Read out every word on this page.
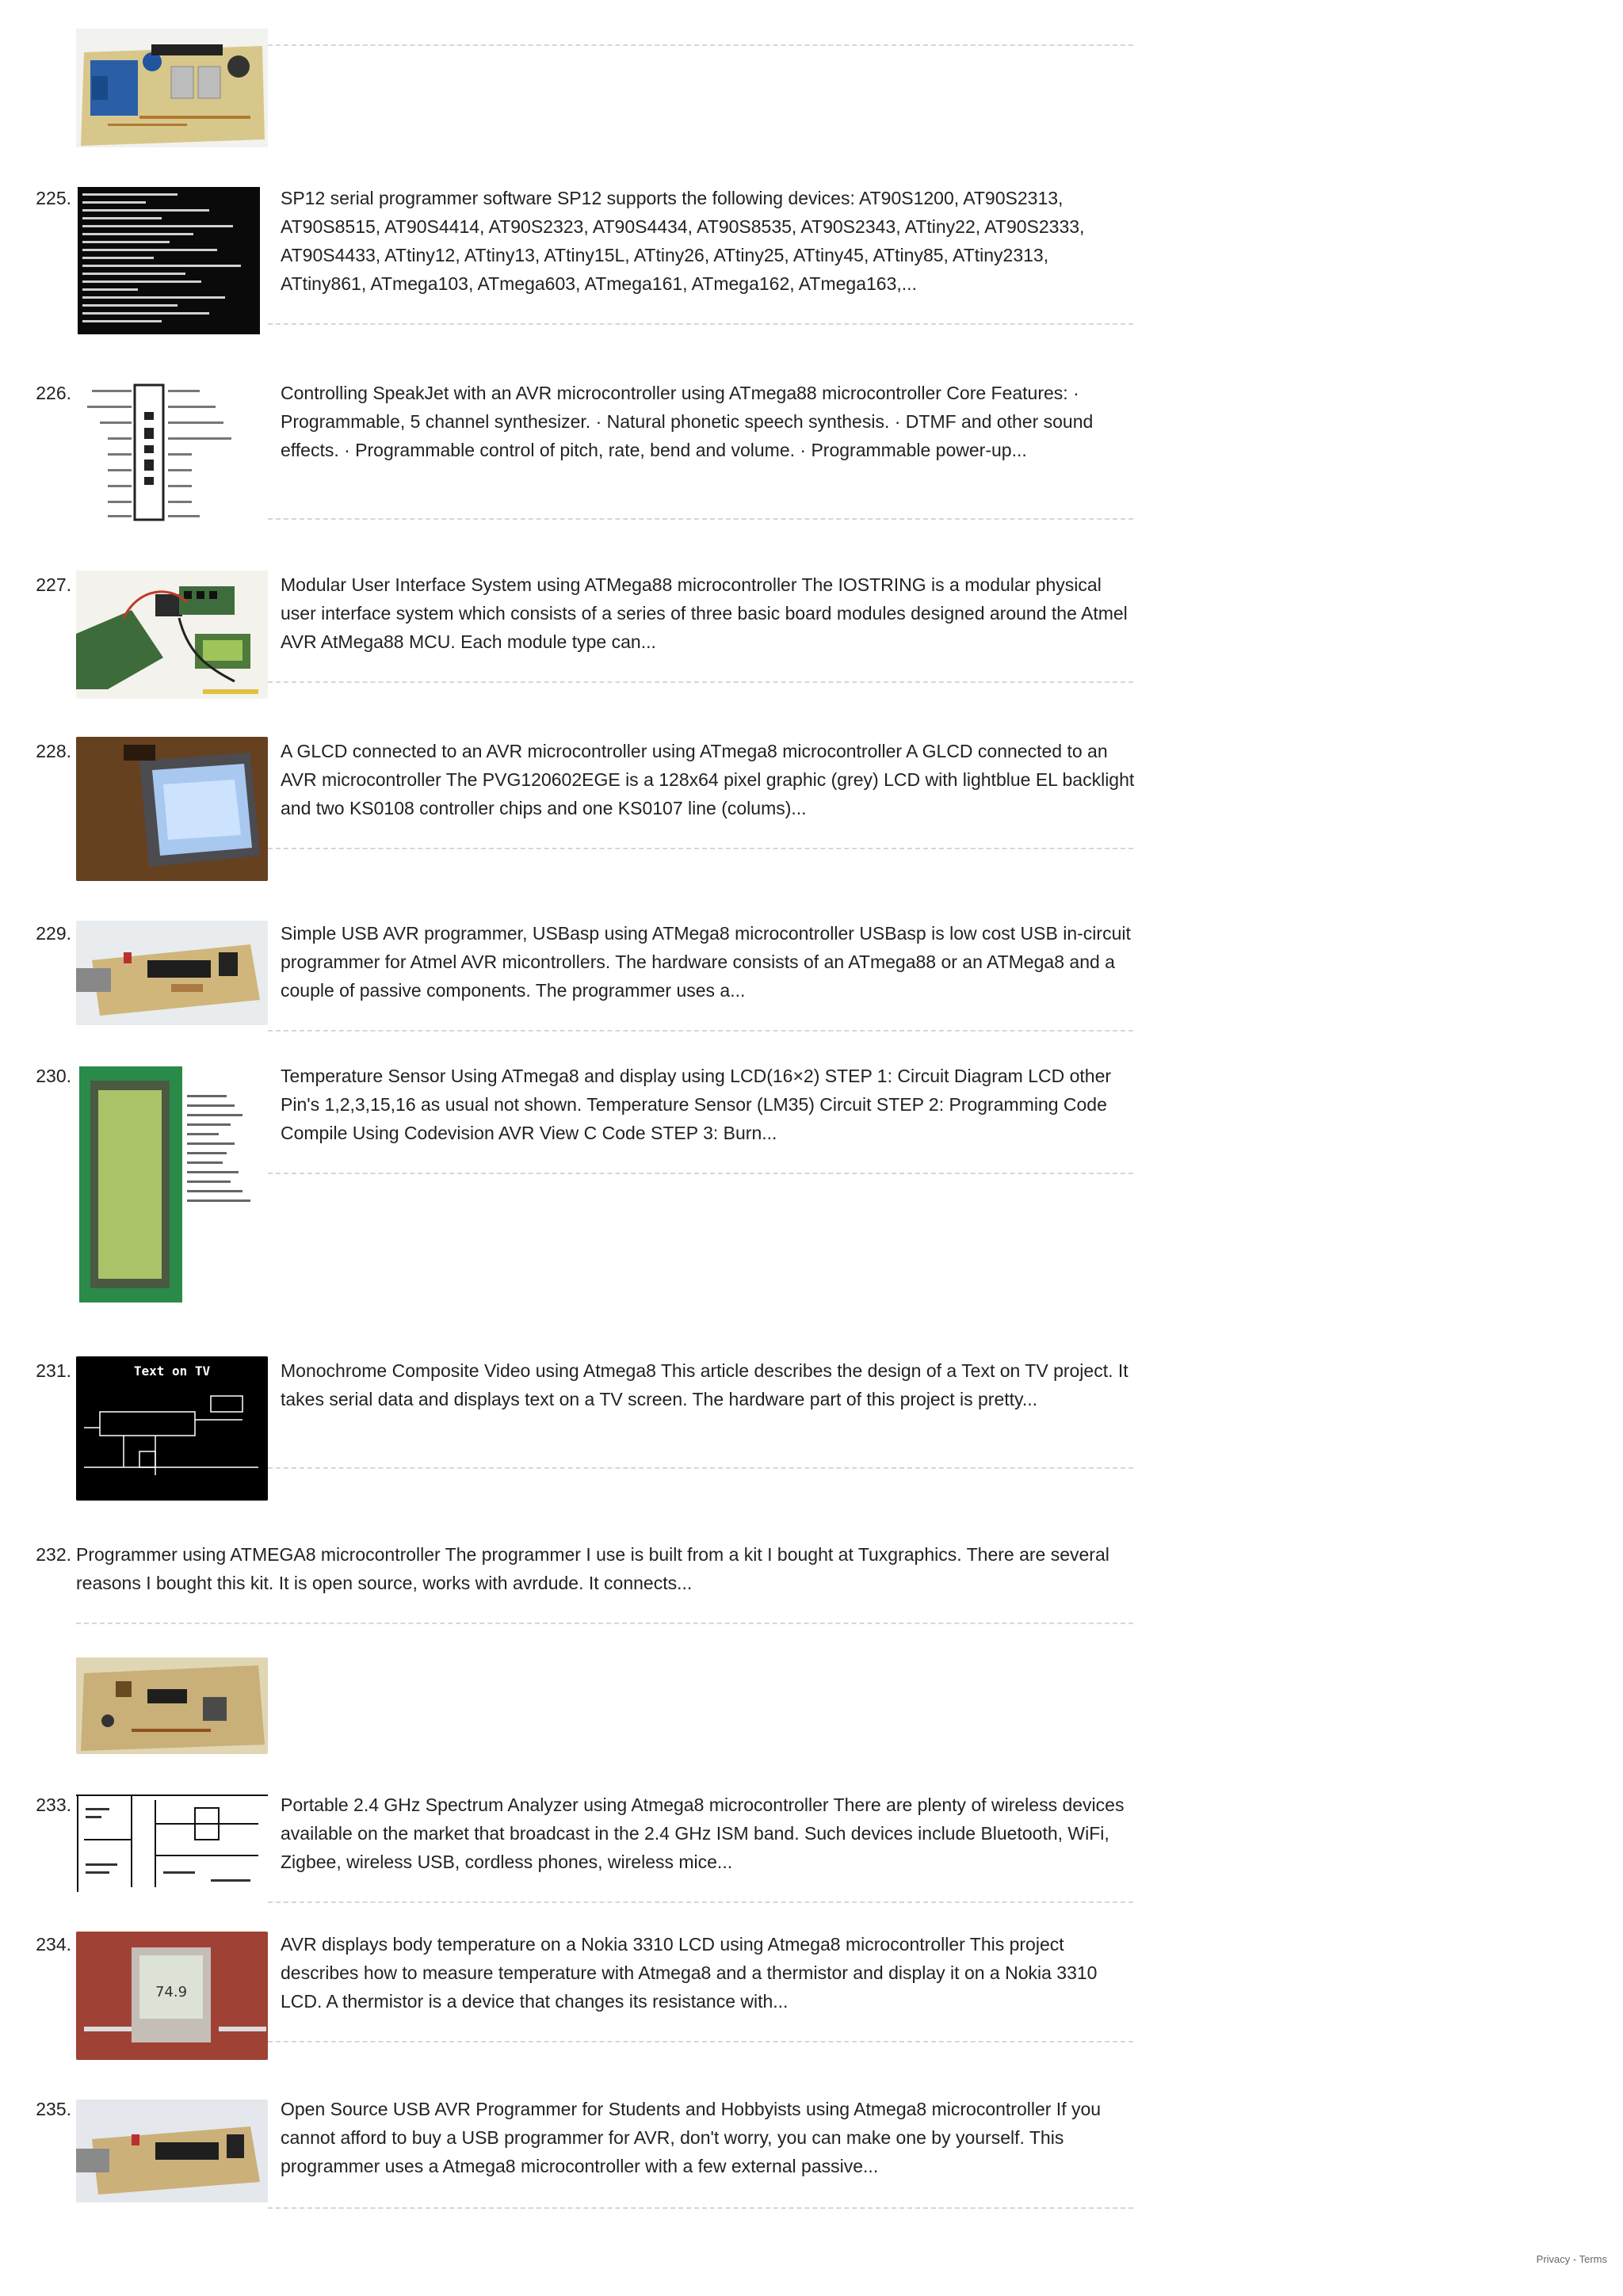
225.	SP12 serial programmer software SP12 supports the following devices: AT90S1200, AT90S2313, AT90S8515, AT90S4414, AT90S2323, AT90S4434, AT90S8535, AT90S2343, ATtiny22, AT90S2333, AT90S4433, ATtiny12, ATtiny13, ATtiny15L, ATtiny26, ATtiny25, ATtiny45, ATtiny85, ATtiny2313, ATtiny861, ATmega103, ATmega603, ATmega161, ATmega162, ATmega163,...
226.	Controlling SpeakJet with an AVR microcontroller using ATmega88 microcontroller Core Features: · Programmable, 5 channel synthesizer. · Natural phonetic speech synthesis. · DTMF and other sound effects. · Programmable control of pitch, rate, bend and volume. · Programmable power-up...
227.	Modular User Interface System using ATMega88 microcontroller The IOSTRING is a modular physical user interface system which consists of a series of three basic board modules designed around the Atmel AVR AtMega88 MCU. Each module type can...
228.	A GLCD connected to an AVR microcontroller using ATmega8 microcontroller A GLCD connected to an AVR microcontroller The PVG120602EGE is a 128x64 pixel graphic (grey) LCD with lightblue EL backlight and two KS0108 controller chips and one KS0107 line (colums)...
229.	Simple USB AVR programmer, USBasp using ATMega8 microcontroller USBasp is low cost USB in-circuit programmer for Atmel AVR micontrollers. The hardware consists of an ATmega88 or an ATMega8 and a couple of passive components. The programmer uses a...
230.	Temperature Sensor Using ATmega8 and display using LCD(16×2) STEP 1: Circuit Diagram LCD other Pin's 1,2,3,15,16 as usual not shown. Temperature Sensor (LM35) Circuit STEP 2: Programming Code Compile Using Codevision AVR View C Code STEP 3: Burn...
231.	Text on TV	Monochrome Composite Video using Atmega8 This article describes the design of a Text on TV project. It takes serial data and displays text on a TV screen. The hardware part of this project is pretty...
232. Programmer using ATMEGA8 microcontroller The programmer I use is built from a kit I bought at Tuxgraphics. There are several reasons I bought this kit. It is open source, works with avrdude. It connects...
233.	Portable 2.4 GHz Spectrum Analyzer using Atmega8 microcontroller There are plenty of wireless devices available on the market that broadcast in the 2.4 GHz ISM band. Such devices include Bluetooth, WiFi, Zigbee, wireless USB, cordless phones, wireless mice...
234.
74.9
AVR displays body temperature on a Nokia 3310 LCD using Atmega8 microcontroller This project describes how to measure temperature with Atmega8 and a thermistor and display it on a Nokia 3310 LCD. A thermistor is a device that changes its resistance with...
235.	Open Source USB AVR Programmer for Students and Hobbyists using Atmega8 microcontroller If you cannot afford to buy a USB programmer for AVR, don't worry, you can make one by yourself. This programmer uses a Atmega8 microcontroller with a few external passive...
Privacy - Terms
